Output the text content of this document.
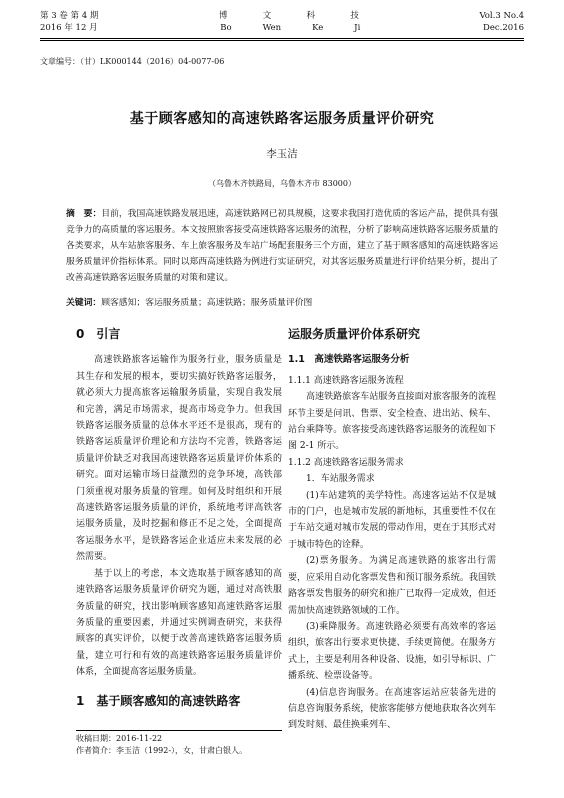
第 3 卷 第 4 期	博	文	科	技	Vol.3 No.4
2016 年 12 月	Bo	Wen	Ke	Ji	Dec.2016
文章编号：（甘）LK000144（2016）04-0077-06
基于顾客感知的高速铁路客运服务质量评价研究
李玉洁
（乌鲁木齐铁路局，乌鲁木齐市 83000）
摘　要：目前，我国高速铁路发展迅速，高速铁路网已初具规模，这要求我国打造优质的客运产品，提供具有强竞争力的高质量的客运服务。本文按照旅客接受高速铁路客运服务的流程，分析了影响高速铁路客运服务质量的各类要求，从车站旅客服务、车上旅客服务及车站广场配套服务三个方面，建立了基于顾客感知的高速铁路客运服务质量评价指标体系。同时以郑西高速铁路为例进行实证研究，对其客运服务质量进行评价结果分析，提出了改善高速铁路客运服务质量的对策和建议。
关键词：顾客感知；客运服务质量；高速铁路；服务质量评价图
0　引言

高速铁路旅客运输作为服务行业，服务质量是其生存和发展的根本，要切实搞好铁路客运服务，就必须大力提高旅客运输服务质量，实现自我发展和完善，满足市场需求，提高市场竞争力。但我国铁路客运服务质量的总体水平还不是很高，现有的铁路客运质量评价理论和方法均不完善，铁路客运质量评价缺乏对我国高速铁路客运质量评价体系的研究。面对运输市场日益激烈的竞争环境，高铁部门须重视对服务质量的管理。如何及时组织和开展高速铁路客运服务质量的评价，系统地考评高铁客运服务质量，及时挖掘和修正不足之处，全面提高客运服务水平，是铁路客运企业适应未来发展的必然需要。

基于以上的考虑，本文选取基于顾客感知的高速铁路客运服务质量评价研究为题，通过对高铁服务质量的研究，找出影响顾客感知高速铁路客运服务质量的重要因素，并通过实例调查研究，来获得顾客的真实评价，以便于改善高速铁路客运服务质量，建立可行和有效的高速铁路客运服务质量评价体系，全面提高客运服务质量。

1　基于顾客感知的高速铁路客
收稿日期：2016-11-22
作者简介：李玉洁（1992-），女，甘肃白银人。
运服务质量评价体系研究
1.1　高速铁路客运服务分析
1.1.1 高速铁路客运服务流程

高速铁路旅客车站服务直接面对旅客服务的流程环节主要是问讯、售票、安全检查、进出站、候车、站台乘降等。旅客接受高速铁路客运服务的流程如下图 2-1 所示。

1.1.2 高速铁路客运服务需求

1．车站服务需求

(1)车站建筑的美学特性。高速客运站不仅是城市的门户，也是城市发展的新地标，其重要性不仅在于车站交通对城市发展的带动作用，更在于其形式对于城市特色的诠释。

(2)票务服务。为满足高速铁路的旅客出行需要，应采用自动化客票发售和预订服务系统。我国铁路客票发售服务的研究和推广已取得一定成效，但还需加快高速铁路领域的工作。

(3)乘降服务。高速铁路必须要有高效率的客运组织，旅客出行要求更快捷、手续更简便。在服务方式上，主要是利用各种设备、设施，如引导标识、广播系统、检票设备等。

(4)信息咨询服务。在高速客运站应装备先进的信息咨询服务系统，使旅客能够方便地获取各次列车到发时刻、最佳换乘列车、
